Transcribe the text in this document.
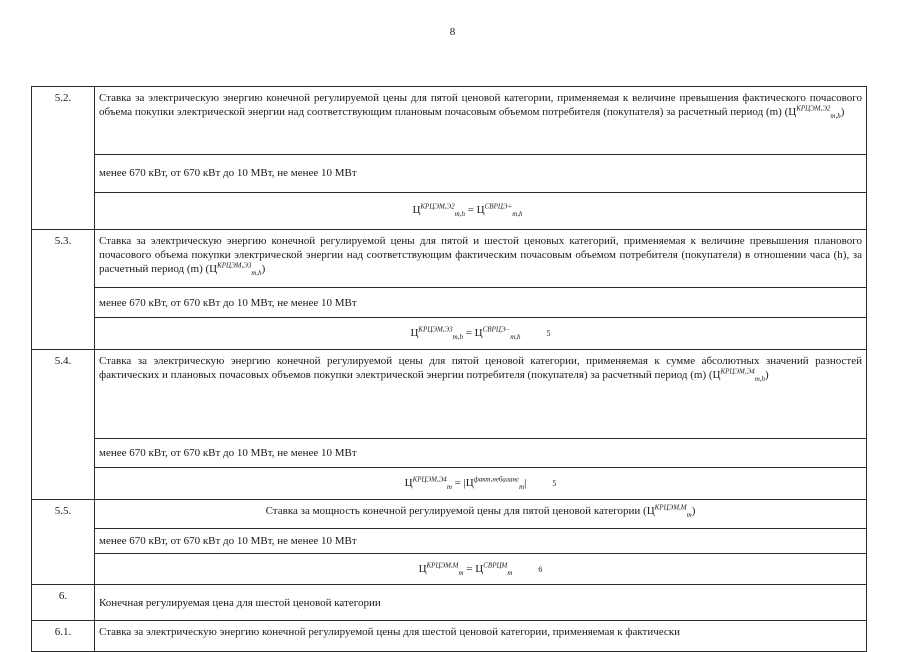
8
5.2.	Ставка за электрическую энергию конечной регулируемой цены для пятой ценовой категории, применяемая к величине превышения фактического почасового объема покупки электрической энергии над соответствующим плановым почасовым объемом потребителя (покупателя) за расчетный период (m) $(Ц^{КРЦЭМ,Э2}_{m,h})$
	менее 670 кВт, от 670 кВт до 10 МВт, не менее 10 МВт
	$Ц^{КРЦЭМ,Э2}_{m,h} = Ц^{СВРЦЭ+}_{m,h}$
5.3.	Ставка за электрическую энергию конечной регулируемой цены для пятой и шестой ценовых категорий, применяемая к величине превышения планового почасового объема покупки электрической энергии над соответствующим фактическим почасовым объемом потребителя (покупателя) в отношении часа (h), за расчетный период (m) $(Ц^{КРЦЭМ,Э3}_{m,h})$
	менее 670 кВт, от 670 кВт до 10 МВт, не менее 10 МВт
	$Ц^{КРЦЭМ,Э3}_{m,h} = Ц^{СВРЦЭ-}_{m,h}$ 5
5.4.	Ставка за электрическую энергию конечной регулируемой цены для пятой ценовой категории, применяемая к сумме абсолютных значений разностей фактических и плановых почасовых объемов покупки электрической энергии потребителя (покупателя) за расчетный период (m) $(Ц^{КРЦЭМ,Э4}_{m,h})$
	менее 670 кВт, от 670 кВт до 10 МВт, не менее 10 МВт
	$Ц^{КРЦЭМ,Э4}_m = |Ц^{факт,небаланс}_m|$ 5
5.5.	Ставка за мощность конечной регулируемой цены для пятой ценовой категории $(Ц^{КРЦЭМ,М}_m)$
	менее 670 кВт, от 670 кВт до 10 МВт, не менее 10 МВт
	$Ц^{КРЦЭМ,М}_m = Ц^{СВРЦМ}_m$ 6
6.	Конечная регулируемая цена для шестой ценовой категории
6.1.	Ставка за электрическую энергию конечной регулируемой цены для шестой ценовой категории, применяемая к фактически
